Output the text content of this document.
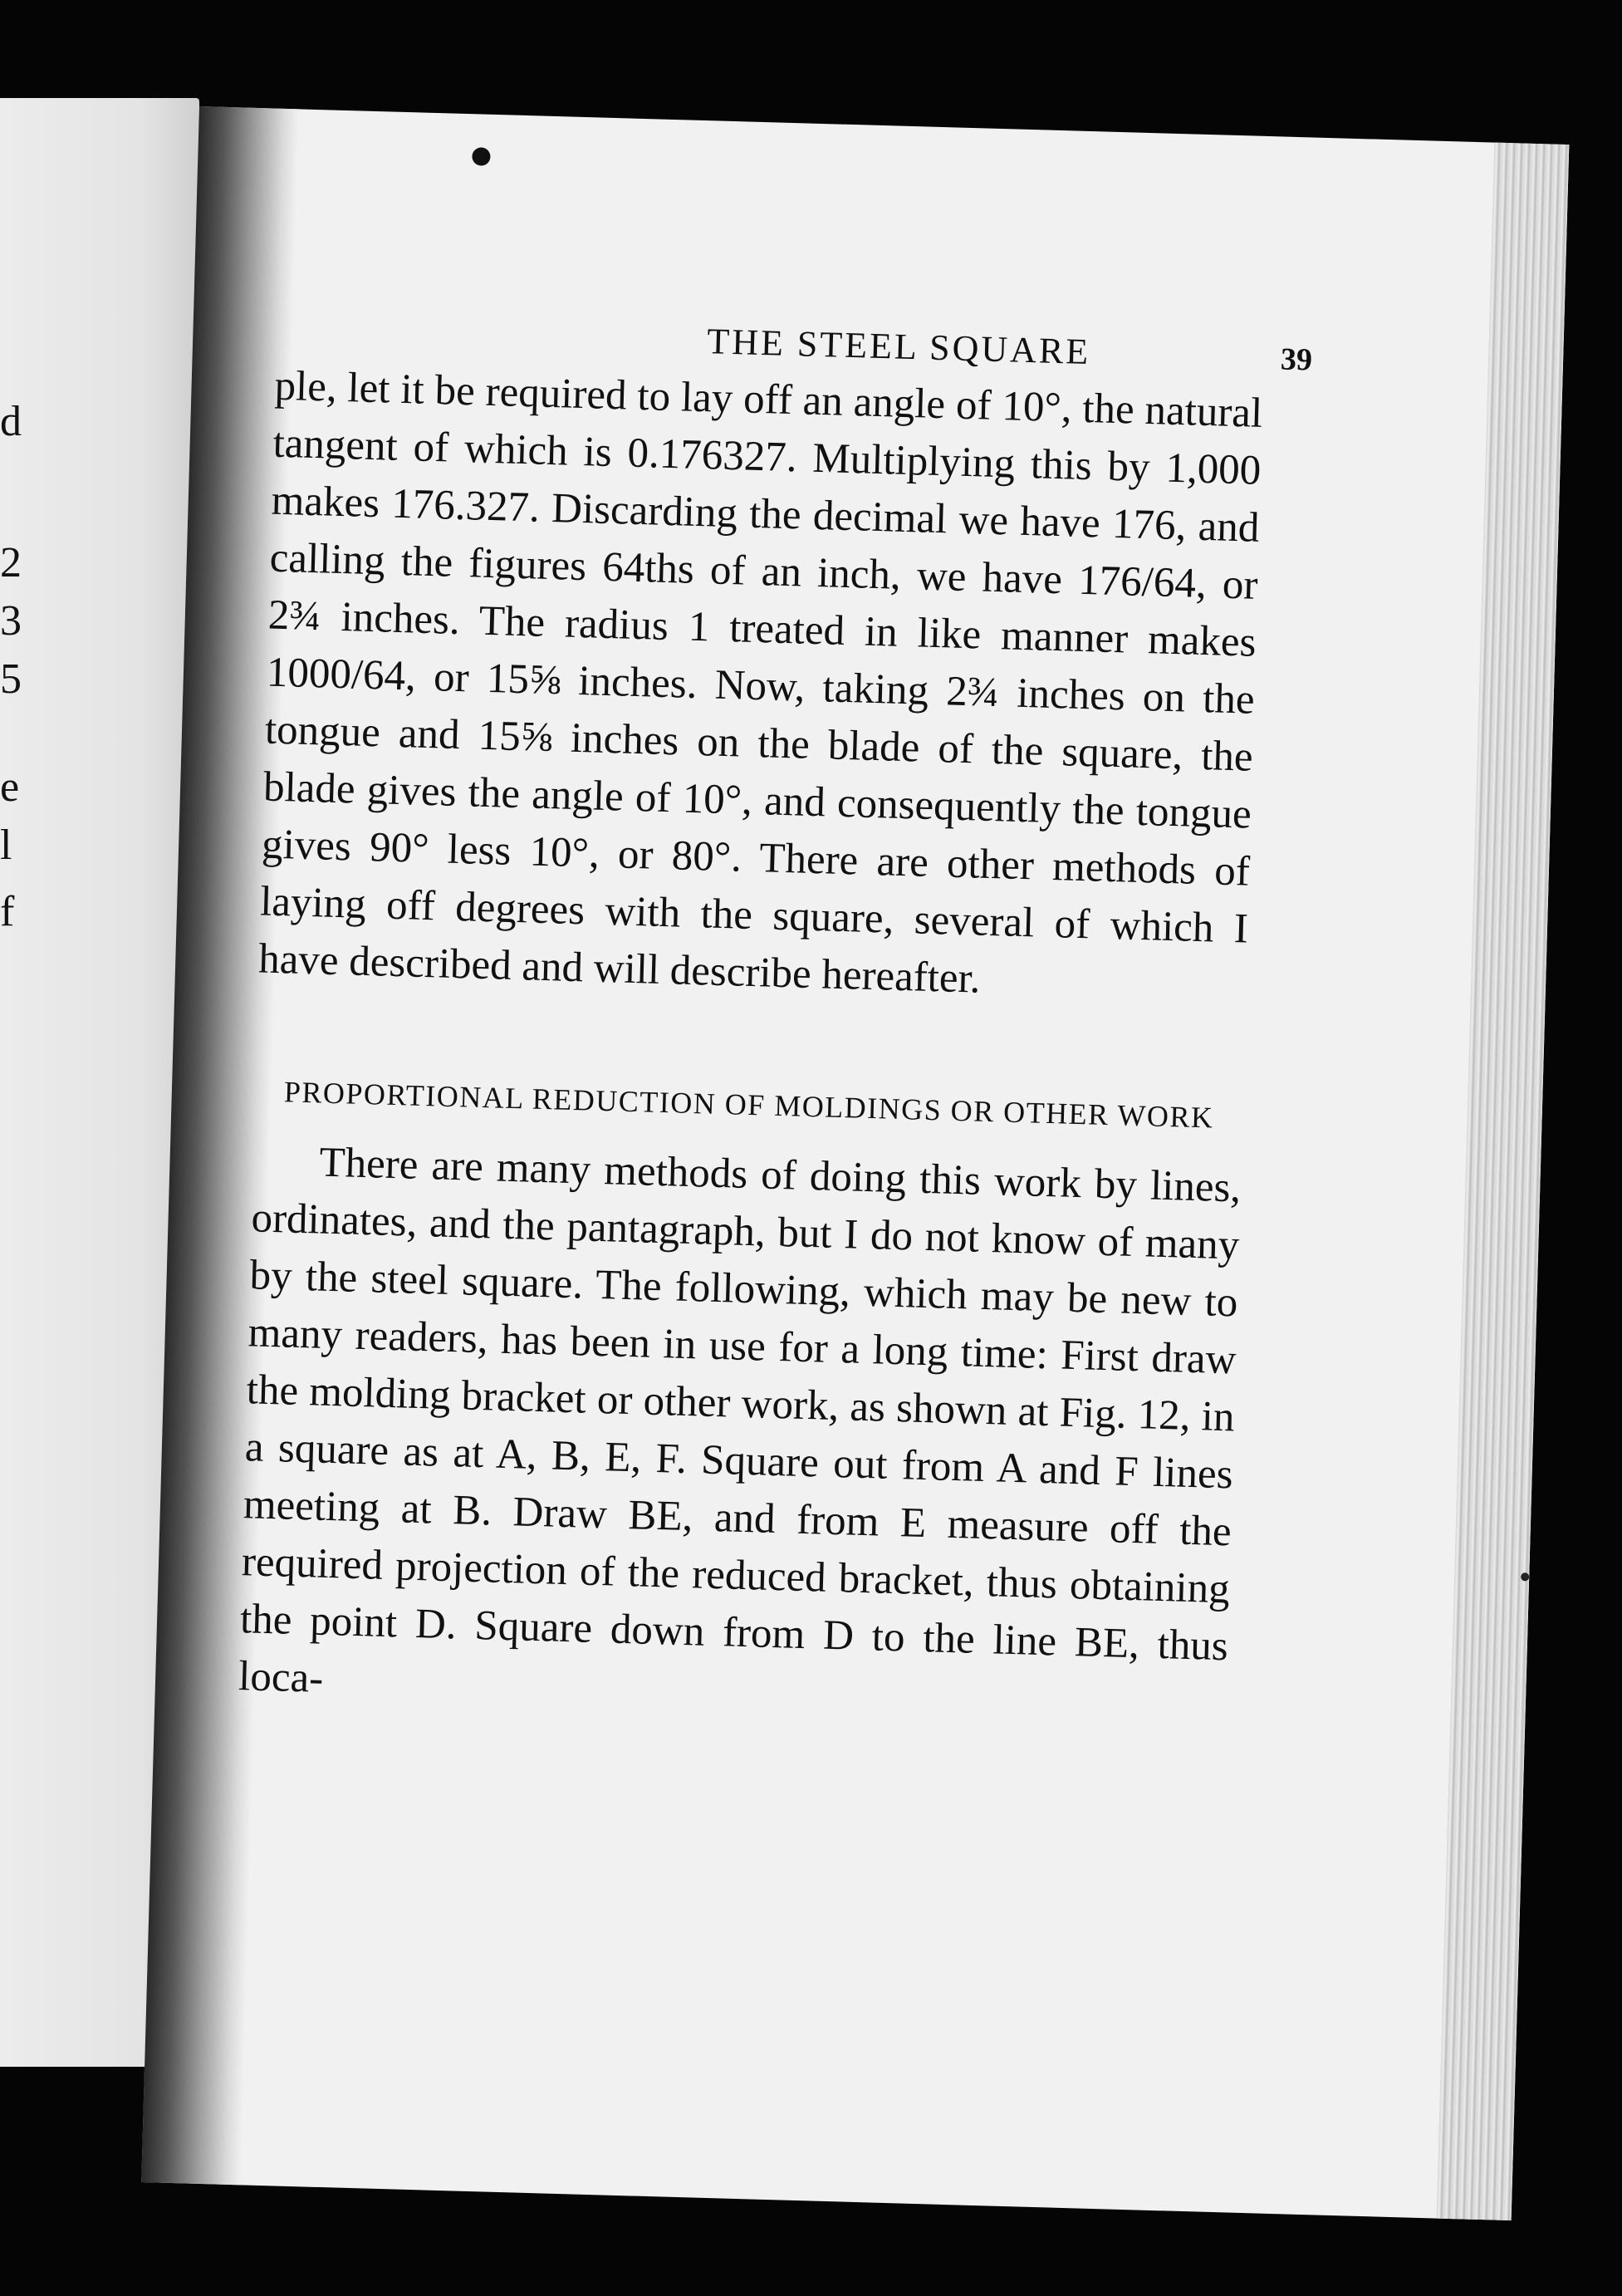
d
2
3
5
e
l
f
THE STEEL SQUARE	39

ple, let it be required to lay off an angle of 10°, the natural tangent of which is 0.176327. Multiplying this by 1,000 makes 176.327. Discarding the decimal we have 176, and calling the figures 64ths of an inch, we have 176/64, or 2¾ inches. The radius 1 treated in like manner makes 1000/64, or 15⅝ inches. Now, taking 2¾ inches on the tongue and 15⅝ inches on the blade of the square, the blade gives the angle of 10°, and consequently the tongue gives 90° less 10°, or 80°. There are other methods of laying off degrees with the square, several of which I have described and will describe hereafter.

PROPORTIONAL REDUCTION OF MOLDINGS OR OTHER WORK

There are many methods of doing this work by lines, ordinates, and the pantagraph, but I do not know of many by the steel square. The following, which may be new to many readers, has been in use for a long time: First draw the molding bracket or other work, as shown at Fig. 12, in a square as at A, B, E, F. Square out from A and F lines meeting at B. Draw BE, and from E measure off the required projection of the reduced bracket, thus obtaining the point D. Square down from D to the line BE, thus loca-
